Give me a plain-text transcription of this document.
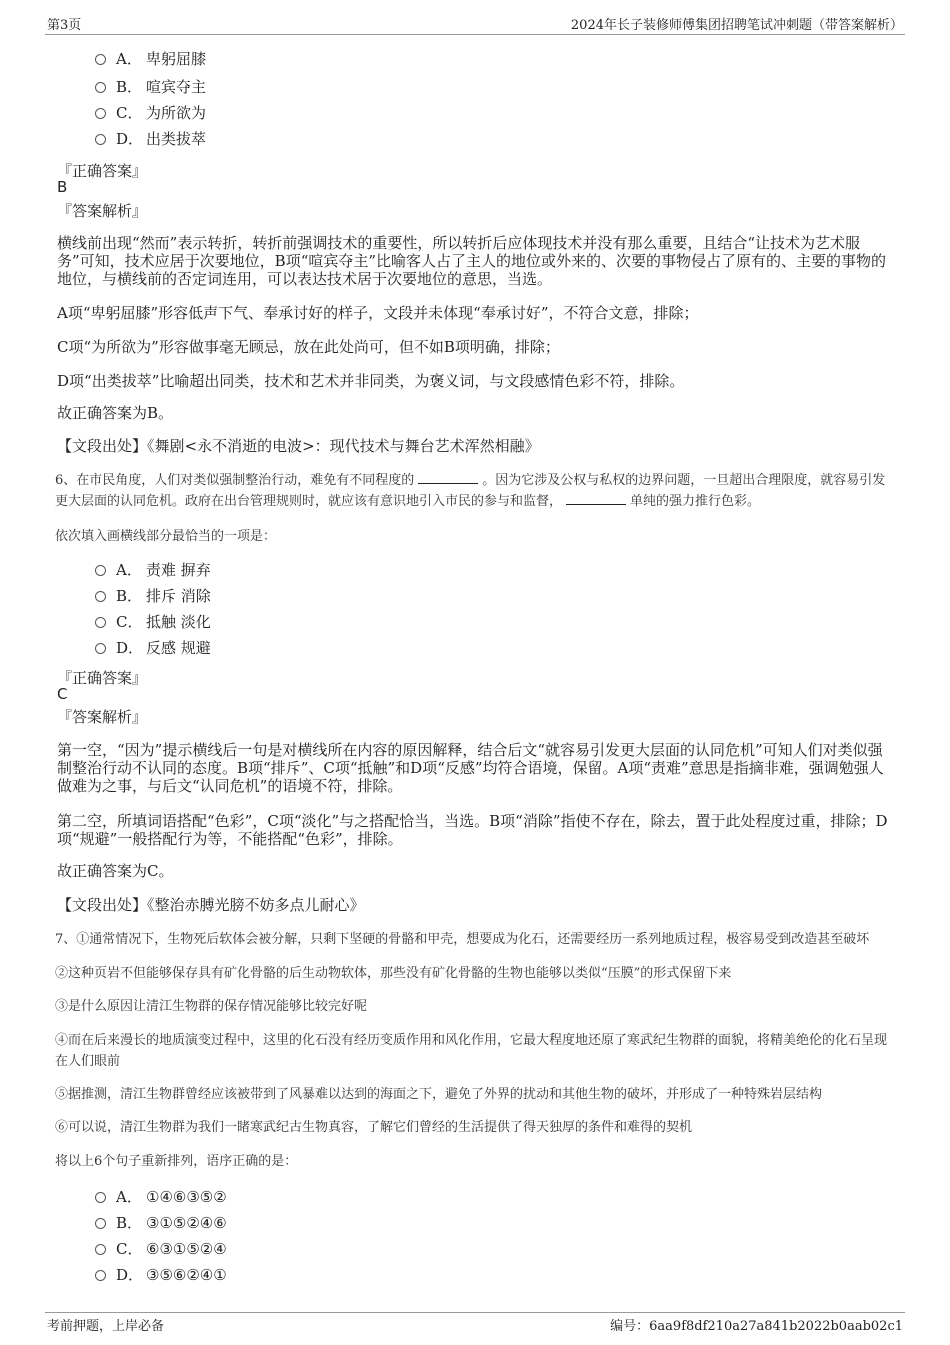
第3页	2024年长子装修师傅集团招聘笔试冲刺题（带答案解析）
A． 卑躬屈膝
B． 喧宾夺主
C． 为所欲为
D． 出类拔萃
『正确答案』
B
『答案解析』
横线前出现“然而”表示转折，转折前强调技术的重要性，所以转折后应体现技术并没有那么重要，且结合“让技术为艺术服务”可知，技术应居于次要地位，B项“喧宾夺主”比喻客人占了主人的地位或外来的、次要的事物侵占了原有的、主要的事物的地位，与横线前的否定词连用，可以表达技术居于次要地位的意思，当选。
A项“卑躬屈膝”形容低声下气、奉承讨好的样子，文段并未体现“奉承讨好”，不符合文意，排除；
C项“为所欲为”形容做事毫无顾忌，放在此处尚可，但不如B项明确，排除；
D项“出类拔萃”比喻超出同类，技术和艺术并非同类，为褒义词，与文段感情色彩不符，排除。
故正确答案为B。
【文段出处】《舞剧<永不消逝的电波>：现代技术与舞台艺术浑然相融》
6、在市民角度，人们对类似强制整治行动，难免有不同程度的	。因为它涉及公权与私权的边界问题，一旦超出合理限度，就容易引发更大层面的认同危机。政府在出台管理规则时，就应该有意识地引入市民的参与和监督，	单纯的强力推行色彩。
依次填入画横线部分最恰当的一项是：
A． 责难 摒弃
B． 排斥 消除
C． 抵触 淡化
D． 反感 规避
『正确答案』
C
『答案解析』
第一空，“因为”提示横线后一句是对横线所在内容的原因解释，结合后文“就容易引发更大层面的认同危机”可知人们对类似强制整治行动不认同的态度。B项“排斥”、C项“抵触”和D项“反感”均符合语境，保留。A项“责难”意思是指摘非难，强调勉强人做难为之事，与后文“认同危机”的语境不符，排除。
第二空，所填词语搭配“色彩”，C项“淡化”与之搭配恰当，当选。B项“消除”指使不存在，除去，置于此处程度过重，排除；D项“规避”一般搭配行为等，不能搭配“色彩”，排除。
故正确答案为C。
【文段出处】《整治赤膊光膀不妨多点儿耐心》
7、①通常情况下，生物死后软体会被分解，只剩下坚硬的骨骼和甲壳，想要成为化石，还需要经历一系列地质过程，极容易受到改造甚至破坏
②这种页岩不但能够保存具有矿化骨骼的后生动物软体，那些没有矿化骨骼的生物也能够以类似“压膜”的形式保留下来
③是什么原因让清江生物群的保存情况能够比较完好呢
④而在后来漫长的地质演变过程中，这里的化石没有经历变质作用和风化作用，它最大程度地还原了寒武纪生物群的面貌，将精美绝伦的化石呈现在人们眼前
⑤据推测，清江生物群曾经应该被带到了风暴难以达到的海面之下，避免了外界的扰动和其他生物的破坏，并形成了一种特殊岩层结构
⑥可以说，清江生物群为我们一睹寒武纪古生物真容，了解它们曾经的生活提供了得天独厚的条件和难得的契机
将以上6个句子重新排列，语序正确的是：
A． ①④⑥③⑤②
B． ③①⑤②④⑥
C． ⑥③①⑤②④
D． ③⑤⑥②④①
考前押题，上岸必备	编号：6aa9f8df210a27a841b2022b0aab02c1
